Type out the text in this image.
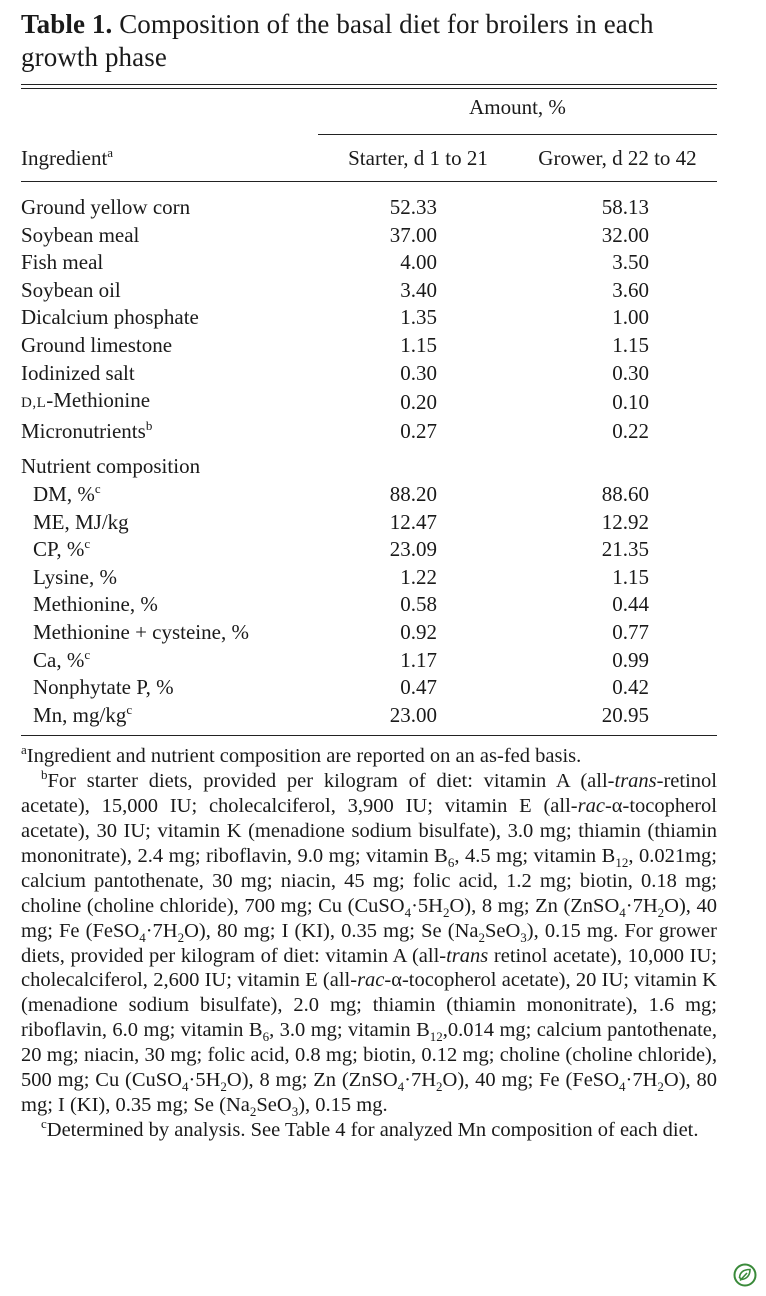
Table 1. Composition of the basal diet for broilers in each growth phase
Amount, %
Ingredient$^a$	Starter, d 1 to 21	Grower, d 22 to 42
Ground yellow corn	52.33	58.13
Soybean meal	37.00	32.00
Fish meal	4.00	3.50
Soybean oil	3.40	3.60
Dicalcium phosphate	1.35	1.00
Ground limestone	1.15	1.15
Iodinized salt	0.30	0.30
D,L-Methionine	0.20	0.10
Micronutrients$^b$	0.27	0.22
Nutrient composition		
DM, %$^c$	88.20	88.60
ME, MJ/kg	12.47	12.92
CP, %$^c$	23.09	21.35
Lysine, %	1.22	1.15
Methionine, %	0.58	0.44
Methionine + cysteine, %	0.92	0.77
Ca, %$^c$	1.17	0.99
Nonphytate P, %	0.47	0.42
Mn, $mg/kg^c$	23.00	20.95

$^a$Ingredient and nutrient composition are reported on an as-fed basis.

$^b$For starter diets, provided per kilogram of diet: vitamin A (all-trans-retinol acetate), 15,000 IU; cholecalciferol, 3,900 IU; vitamin E (all-rac-α-tocopherol acetate), 30 IU; vitamin K (menadione sodium bisulfate), 3.0 mg; thiamin (thiamin mononitrate), 2.4 mg; riboflavin, 9.0 mg; vitamin $B_6$, 4.5 mg; vitamin $B_{12}$, 0.021mg; calcium pantothenate, 30 mg; niacin, 45 mg; folic acid, 1.2 mg; biotin, 0.18 mg; choline (choline chloride), 700 mg; Cu $(CuSO_4\cdot 5H_2O)$, 8 mg; Zn $(ZnSO_4\cdot 7H_2O)$, 40 mg; Fe $(FeSO_4\cdot 7H_2O)$, 80 mg; I (KI), 0.35 mg; Se $(Na_2SeO_3)$, 0.15 mg. For grower diets, provided per kilogram of diet: vitamin A (all-trans retinol acetate), 10,000 IU; cholecalciferol, 2,600 IU; vitamin E (all-rac-α-tocopherol acetate), 20 IU; vitamin K (menadione sodium bisulfate), 2.0 mg; thiamin (thiamin mononitrate), 1.6 mg; riboflavin, 6.0 mg; vitamin $B_6$, 3.0 mg; vitamin $B_{12},0.014$ mg; calcium pantothenate, 20 mg; niacin, 30 mg; folic acid, 0.8 mg; biotin, 0.12 mg; choline (choline chloride), 500 mg; Cu $(CuSO_4\cdot 5H_2O)$, 8 mg; Zn $(ZnSO_4\cdot 7H_2O)$, 40 mg; Fe $(FeSO_4\cdot 7H_2O)$, 80 mg; I (KI), 0.35 mg; Se $(Na_2SeO_3)$, 0.15 mg.

$^c$Determined by analysis. See Table 4 for analyzed Mn composition of each diet.
